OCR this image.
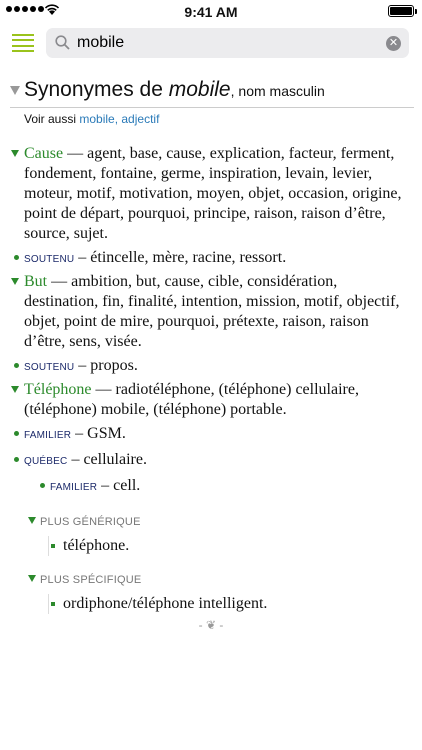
9:41 AM
mobile
✕
Synonymes de mobile, nom masculin
Voir aussi mobile, adjectif
Cause — agent, base, cause, explication, facteur, ferment, fondement, fontaine, germe, inspiration, levain, levier, moteur, motif, motivation, moyen, objet, occasion, origine, point de départ, pourquoi, principe, raison, raison d’être, source, sujet.
SOUTENU – étincelle, mère, racine, ressort.
But — ambition, but, cause, cible, considération, destination, fin, finalité, intention, mission, motif, objectif, objet, point de mire, pourquoi, prétexte, raison, raison d’être, sens, visée.
SOUTENU – propos.
Téléphone — radiotéléphone, (téléphone) cellulaire, (téléphone) mobile, (téléphone) portable.
FAMILIER – GSM.
QUÉBEC – cellulaire.
FAMILIER – cell.
PLUS GÉNÉRIQUE
téléphone.
PLUS SPÉCIFIQUE
ordiphone/téléphone intelligent.
- ❦ -
